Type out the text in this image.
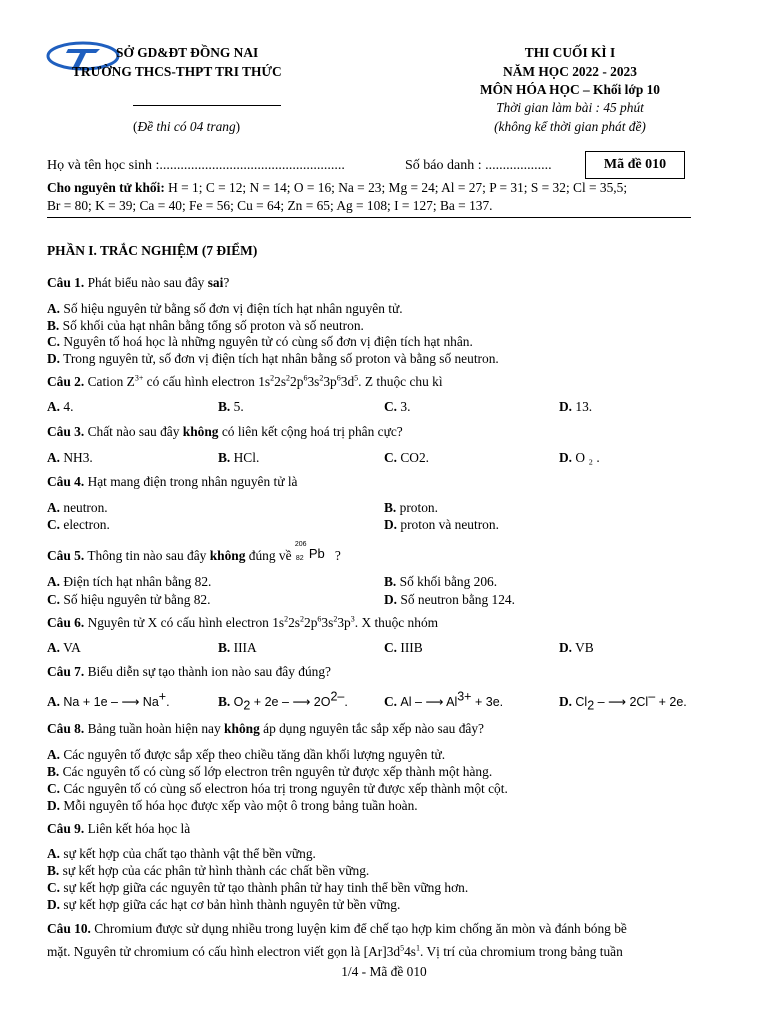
SỞ GD&ĐT ĐỒNG NAI
TRƯỜNG THCS-THPT TRI THỨC
(Đề thi có 04 trang)
THI CUỐI KÌ I
NĂM HỌC 2022 - 2023
MÔN HÓA HỌC – Khối lớp 10
Thời gian làm bài : 45 phút
(không kể thời gian phát đề)
Họ và tên học sinh :.....................................................	Số báo danh : ...................	Mã đề 010
Cho nguyên tử khối: H = 1; C = 12; N = 14; O = 16; Na = 23; Mg = 24; Al = 27; P = 31; S = 32; Cl = 35,5;
Br = 80; K = 39; Ca = 40; Fe = 56; Cu = 64; Zn = 65; Ag = 108; I = 127; Ba = 137.
PHẦN I. TRẮC NGHIỆM (7 ĐIỂM)
Câu 1. Phát biểu nào sau đây sai?
A. Số hiệu nguyên tử bằng số đơn vị điện tích hạt nhân nguyên tử.
B. Số khối của hạt nhân bằng tổng số proton và số neutron.
C. Nguyên tố hoá học là những nguyên tử có cùng số đơn vị điện tích hạt nhân.
D. Trong nguyên tử, số đơn vị điện tích hạt nhân bằng số proton và bằng số neutron.
Câu 2. Cation $Z^{3+}$ có cấu hình electron $1s^22s^22p^63s^23p^63d^5$. Z thuộc chu kì
A. 4.	B. 5.	C. 3.	D. 13.
Câu 3. Chất nào sau đây không có liên kết cộng hoá trị phân cực?
A. NH3.	B. HCl.	C. CO2.	D. O ₂ .
Câu 4. Hạt mang điện trong nhân nguyên tử là
A. neutron.	B. proton.
C. electron.	D. proton và neutron.
Câu 5. Thông tin nào sau đây không đúng về
206
82 Pb ?
A. Điện tích hạt nhân bằng 82.	B. Số khối bằng 206.
C. Số hiệu nguyên tử bằng 82.	D. Số neutron bằng 124.
Câu 6. Nguyên tử X có cấu hình electron $1s^22s^22p^63s^23p^3$. X thuộc nhóm
A. VA	B. IIIA	C. IIIB	D. VB
Câu 7. Biểu diễn sự tạo thành ion nào sau đây đúng?
A. Na + 1e – ⟶ Na+.	B. $O_2 + 2e$ – ⟶ $2O^{2-}$.	C. Al – ⟶ $Al^{3+} + 3e$.	D. $Cl_2$ – ⟶ 2Cl– + 2e.
Câu 8. Bảng tuần hoàn hiện nay không áp dụng nguyên tắc sắp xếp nào sau đây?
A. Các nguyên tố được sắp xếp theo chiều tăng dần khối lượng nguyên tử.
B. Các nguyên tố có cùng số lớp electron trên nguyên tử được xếp thành một hàng.
C. Các nguyên tố có cùng số electron hóa trị trong nguyên tử được xếp thành một cột.
D. Mỗi nguyên tố hóa học được xếp vào một ô trong bảng tuần hoàn.
Câu 9. Liên kết hóa học là
A. sự kết hợp của chất tạo thành vật thể bền vững.
B. sự kết hợp của các phân tử hình thành các chất bền vững.
C. sự kết hợp giữa các nguyên tử tạo thành phân tử hay tinh thể bền vững hơn.
D. sự kết hợp giữa các hạt cơ bản hình thành nguyên tử bền vững.
Câu 10. Chromium được sử dụng nhiều trong luyện kim để chế tạo hợp kim chống ăn mòn và đánh bóng bề
mặt. Nguyên tử chromium có cấu hình electron viết gọn là $[Ar]3d^54s^1$. Vị trí của chromium trong bảng tuần
1/4 - Mã đề 010
